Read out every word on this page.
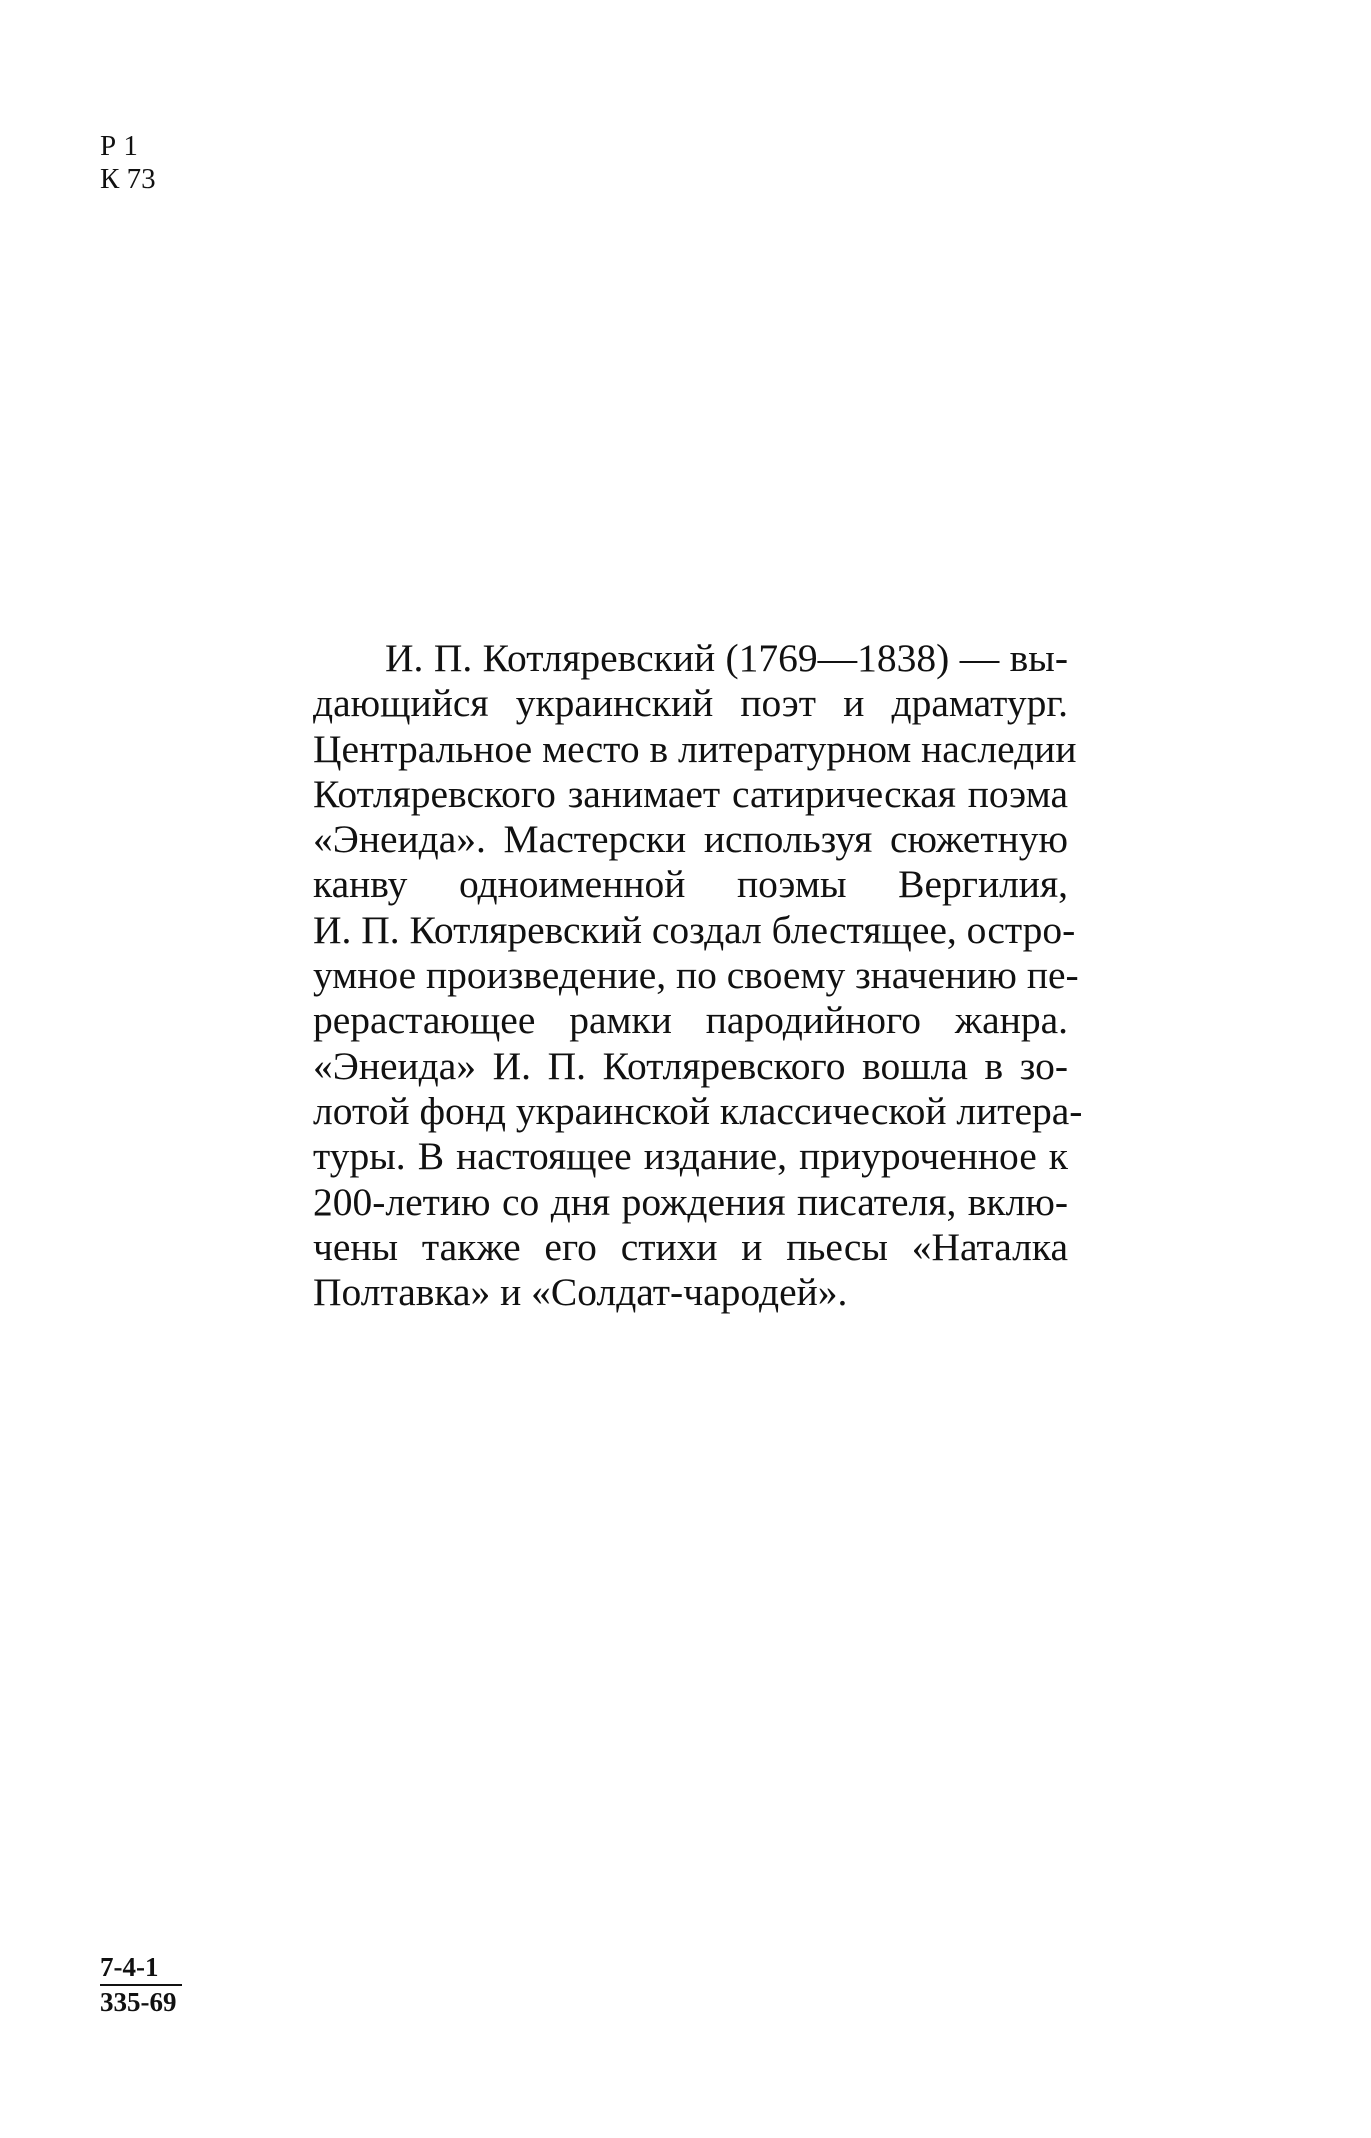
Р 1
К 73
И. П. Котляревский (1769—1838) — вы-
дающийся украинский поэт и драматург.
Центральное место в литературном наследии
Котляревского занимает сатирическая поэма
«Энеида». Мастерски используя сюжетную
канву одноименной поэмы Вергилия,
И. П. Котляревский создал блестящее, остро-
умное произведение, по своему значению пе-
рерастающее рамки пародийного жанра.
«Энеида» И. П. Котляревского вошла в зо-
лотой фонд украинской классической литера-
туры. В настоящее издание, приуроченное к
200-летию со дня рождения писателя, вклю-
чены также его стихи и пьесы «Наталка
Полтавка» и «Солдат-чародей».
$\frac{7-4-1}{335-69}$
